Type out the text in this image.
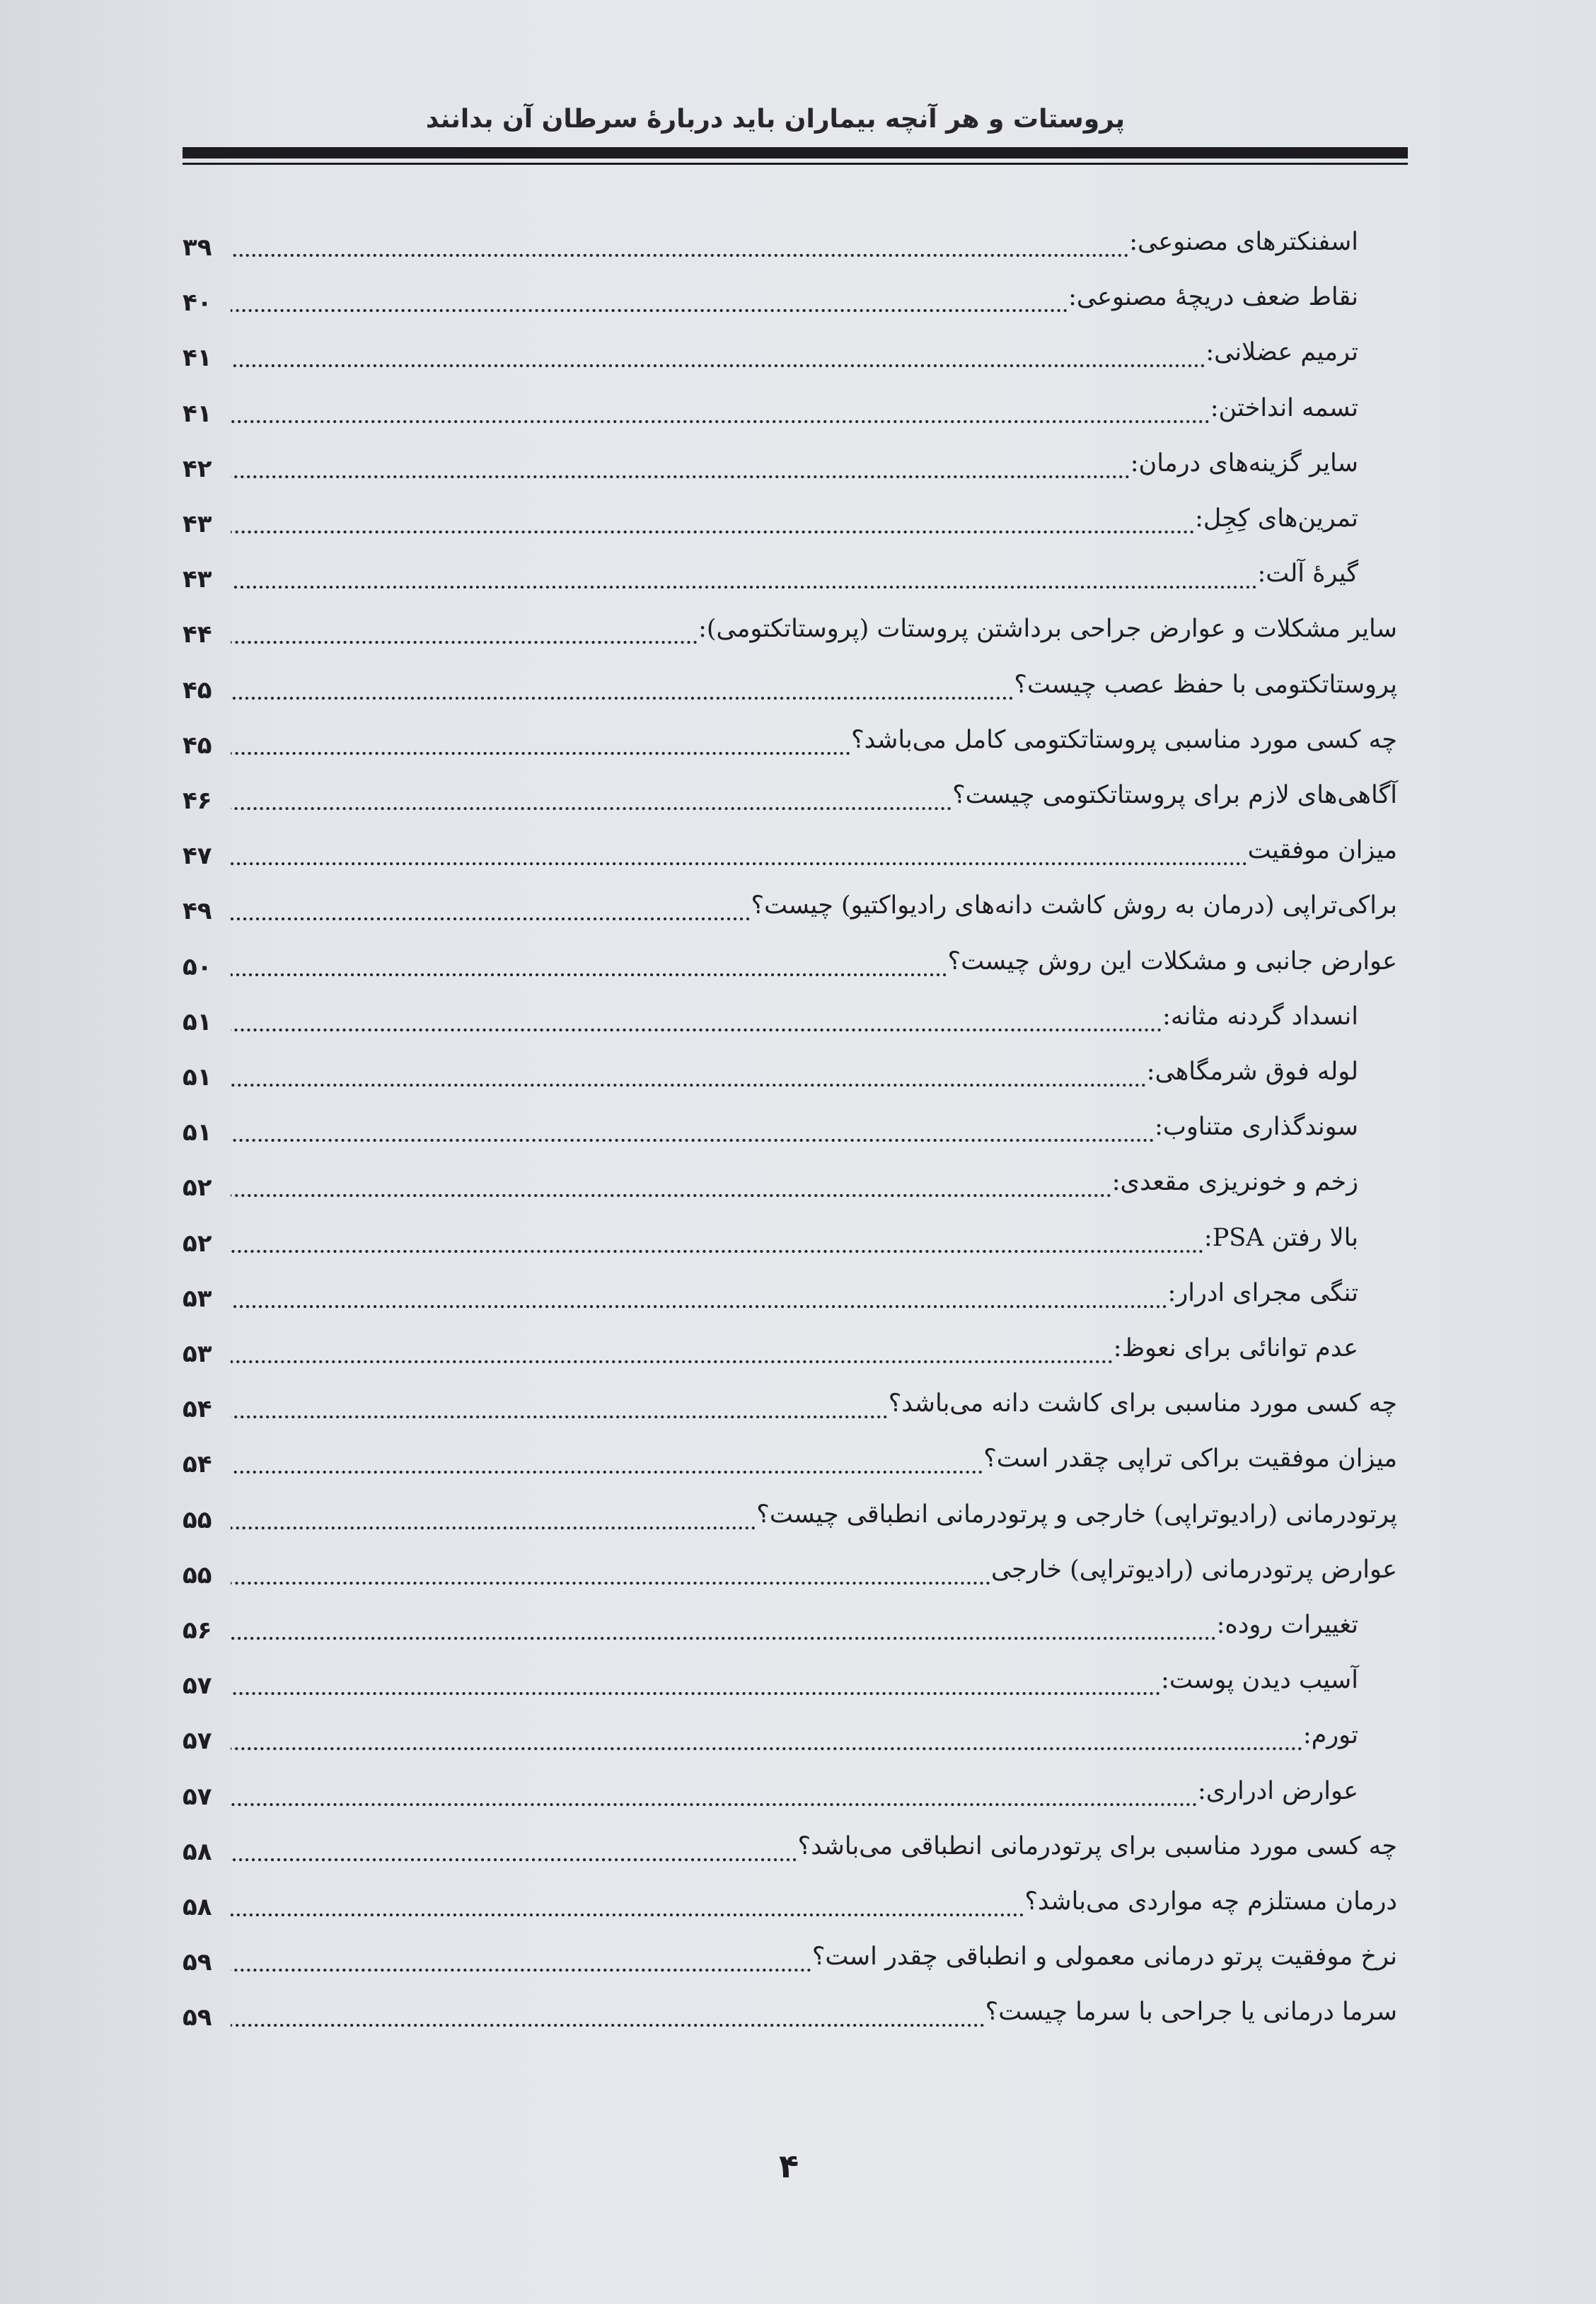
پروستات و هر آنچه بیماران باید دربارهٔ سرطان آن بدانند
اسفنکترهای مصنوعی:
۳۹
نقاط ضعف دریچهٔ مصنوعی:
۴۰
ترمیم عضلانی:
۴۱
تسمه انداختن:
۴۱
سایر گزینه‌های درمان:
۴۲
تمرین‌های کِجِل:
۴۳
گیرهٔ آلت:
۴۳
سایر مشکلات و عوارض جراحی برداشتن پروستات (پروستاتکتومی):
۴۴
پروستاتکتومی با حفظ عصب چیست؟
۴۵
چه کسی مورد مناسبی پروستاتکتومی کامل می‌باشد؟
۴۵
آگاهی‌های لازم برای پروستاتکتومی چیست؟
۴۶
میزان موفقیت
۴۷
براکی‌تراپی (درمان به روش کاشت دانه‌های رادیواکتیو) چیست؟
۴۹
عوارض جانبی و مشکلات این روش چیست؟
۵۰
انسداد گردنه مثانه:
۵۱
لوله فوق شرمگاهی:
۵۱
سوندگذاری متناوب:
۵۱
زخم و خونریزی مقعدی:
۵۲
بالا رفتن PSA:
۵۲
تنگی مجرای ادرار:
۵۳
عدم توانائی برای نعوظ:
۵۳
چه کسی مورد مناسبی برای کاشت دانه می‌باشد؟
۵۴
میزان موفقیت براکی تراپی چقدر است؟
۵۴
پرتودرمانی (رادیوتراپی) خارجی و پرتودرمانی انطباقی چیست؟
۵۵
عوارض پرتودرمانی (رادیوتراپی) خارجی
۵۵
تغییرات روده:
۵۶
آسیب دیدن پوست:
۵۷
تورم:
۵۷
عوارض ادراری:
۵۷
چه کسی مورد مناسبی برای پرتودرمانی انطباقی می‌باشد؟
۵۸
درمان مستلزم چه مواردی می‌باشد؟
۵۸
نرخ موفقیت پرتو درمانی معمولی و انطباقی چقدر است؟
۵۹
سرما درمانی یا جراحی با سرما چیست؟
۵۹
۴
